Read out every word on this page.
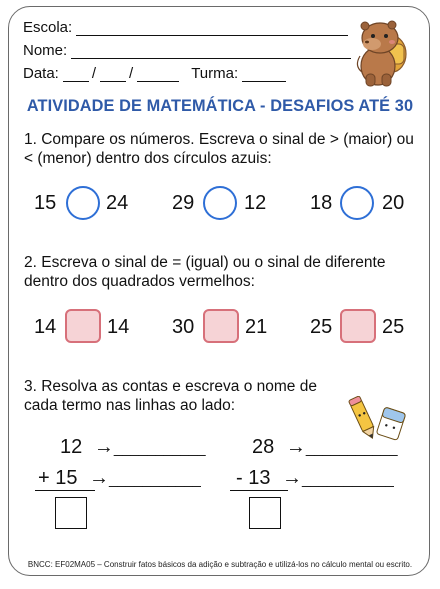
Escola:
Nome:
Data: / /	Turma:
ATIVIDADE DE MATEMÁTICA - DESAFIOS ATÉ 30
1. Compare os números. Escreva o sinal de > (maior) ou < (menor) dentro dos círculos azuis:
15 24 29 12 18 20
2. Escreva o sinal de = (igual) ou o sinal de diferente dentro dos quadrados vermelhos:
14	14 30	21 25 25
3. Resolva as contas e escreva o nome de cada termo nas linhas ao lado:
12 →___________
+ 15 →___________
28 →___________
- 13 →___________
BNCC: EF02MA05 – Construir fatos básicos da adição e subtração e utilizá-los no cálculo mental ou escrito.
